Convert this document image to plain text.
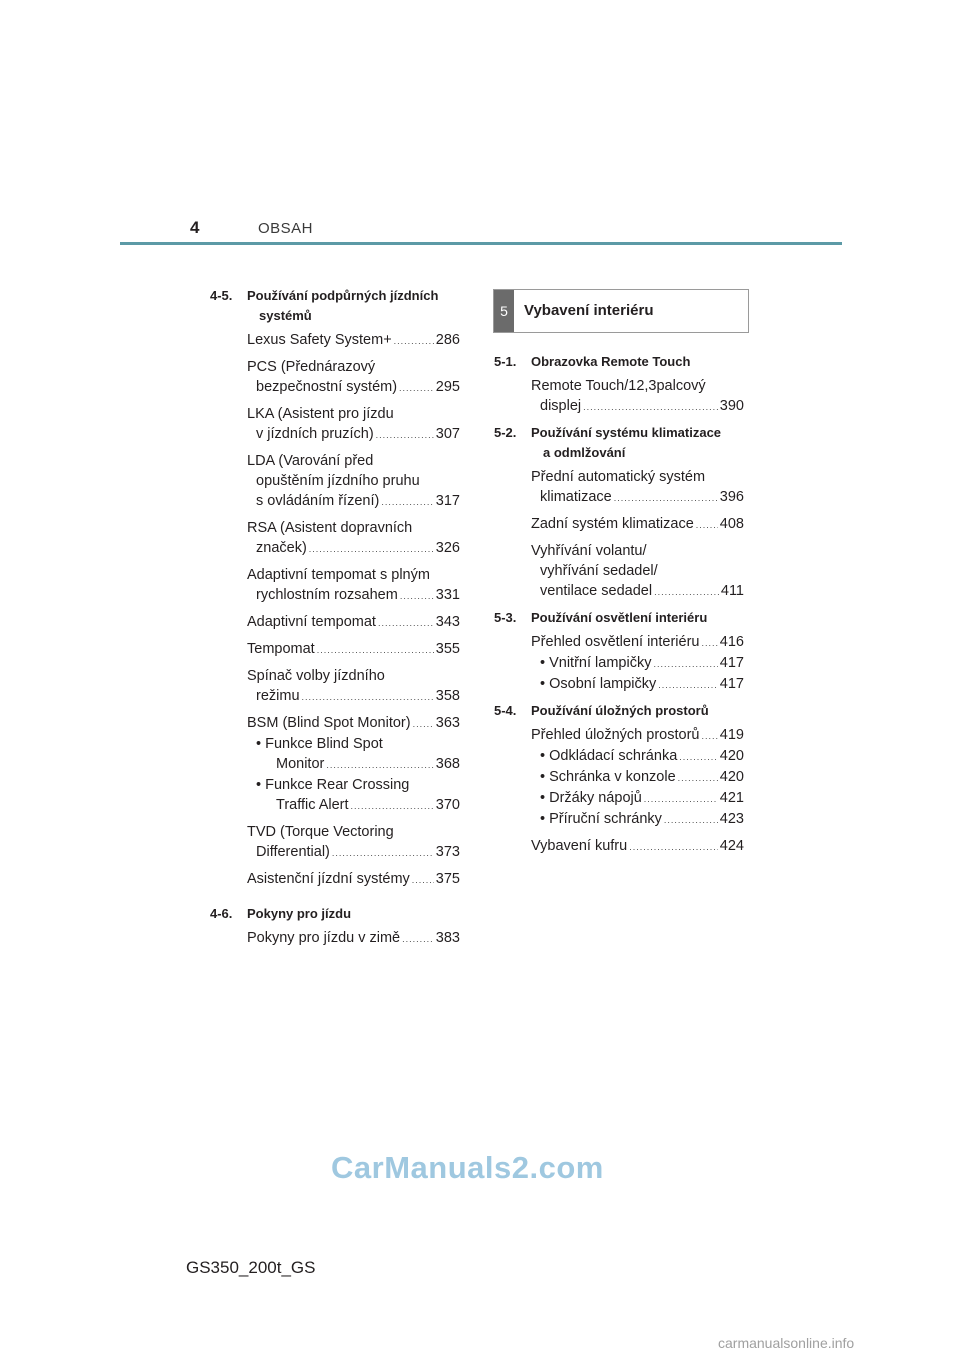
4	OBSAH
4-5. Používání podpůrných jízdních
systémů
Lexus Safety System+ .....	286
PCS (Přednárazový
bezpečnostní systém) .....	295
LKA (Asistent pro jízdu
v jízdních pruzích) .....	307
LDA (Varování před
opuštěním jízdního pruhu
s ovládáním řízení) .....	317
RSA (Asistent dopravních
značek) .....	326
Adaptivní tempomat s plným
rychlostním rozsahem .....	331
Adaptivní tempomat .....	343
Tempomat .....	355
Spínač volby jízdního
režimu .....	358
BSM (Blind Spot Monitor) ..... 363
• Funkce Blind Spot
Monitor .....	368
• Funkce Rear Crossing
Traffic Alert .....	370
TVD (Torque Vectoring
Differential) .....	373
Asistenční jízdní systémy ..... 375
4-6. Pokyny pro jízdu
Pokyny pro jízdu v zimě ..... 383
5	Vybavení interiéru
5-1. Obrazovka Remote Touch
Remote Touch/12,3palcový
displej .....	390
5-2. Používání systému klimatizace
a odmlžování
Přední automatický systém
klimatizace .....	396
Zadní systém klimatizace ..... 408
Vyhřívání volantu/
vyhřívání sedadel/
ventilace sedadel .....	411
5-3. Používání osvětlení interiéru
Přehled osvětlení interiéru ..... 416
• Vnitřní lampičky .....	417
• Osobní lampičky .....	417
5-4. Používání úložných prostorů
Přehled úložných prostorů ..... 419
• Odkládací schránka .....	420
• Schránka v konzole .....	420
• Držáky nápojů .....	421
• Příruční schránky .....	423
Vybavení kufru .....	424
CarManuals2.com
GS350_200t_GS
carmanualsonline.info
